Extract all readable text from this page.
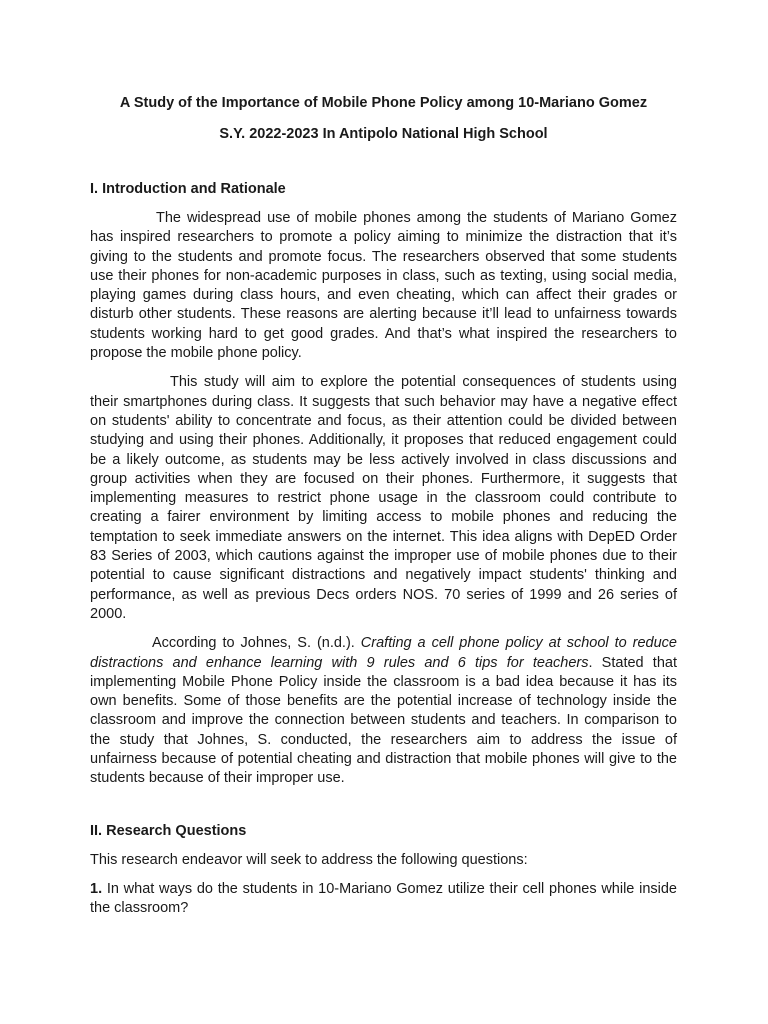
A Study of the Importance of Mobile Phone Policy among 10-Mariano Gomez

S.Y. 2022-2023 In Antipolo National High School

I. Introduction and Rationale

The widespread use of mobile phones among the students of Mariano Gomez has inspired researchers to promote a policy aiming to minimize the distraction that it’s giving to the students and promote focus. The researchers observed that some students use their phones for non-academic purposes in class, such as texting, using social media, playing games during class hours, and even cheating, which can affect their grades or disturb other students. These reasons are alerting because it’ll lead to unfairness towards students working hard to get good grades. And that’s what inspired the researchers to propose the mobile phone policy.

This study will aim to explore the potential consequences of students using their smartphones during class. It suggests that such behavior may have a negative effect on students' ability to concentrate and focus, as their attention could be divided between studying and using their phones. Additionally, it proposes that reduced engagement could be a likely outcome, as students may be less actively involved in class discussions and group activities when they are focused on their phones. Furthermore, it suggests that implementing measures to restrict phone usage in the classroom could contribute to creating a fairer environment by limiting access to mobile phones and reducing the temptation to seek immediate answers on the internet. This idea aligns with DepED Order 83 Series of 2003, which cautions against the improper use of mobile phones due to their potential to cause significant distractions and negatively impact students' thinking and performance, as well as previous Decs orders NOS. 70 series of 1999 and 26 series of 2000.

According to Johnes, S. (n.d.). Crafting a cell phone policy at school to reduce distractions and enhance learning with 9 rules and 6 tips for teachers. Stated that implementing Mobile Phone Policy inside the classroom is a bad idea because it has its own benefits. Some of those benefits are the potential increase of technology inside the classroom and improve the connection between students and teachers. In comparison to the study that Johnes, S. conducted, the researchers aim to address the issue of unfairness because of potential cheating and distraction that mobile phones will give to the students because of their improper use.

II. Research Questions

This research endeavor will seek to address the following questions:

1. In what ways do the students in 10-Mariano Gomez utilize their cell phones while inside the classroom?
